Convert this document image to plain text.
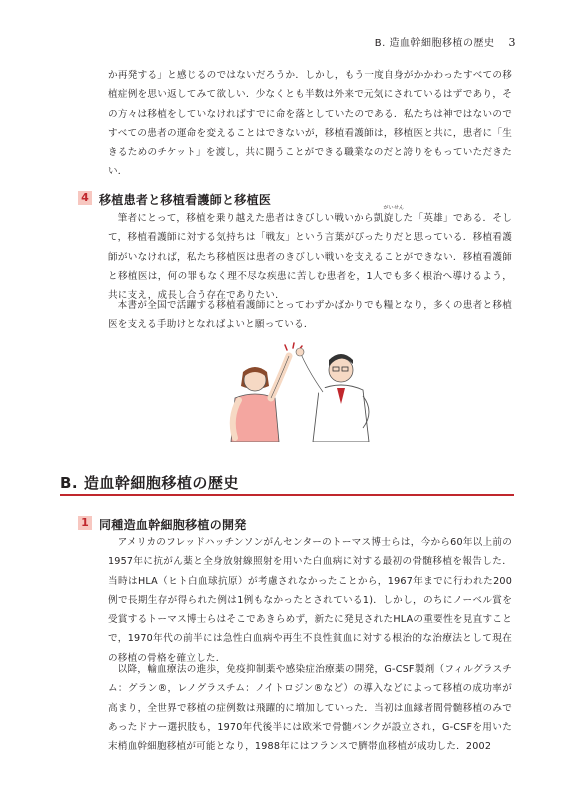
B. 造血幹細胞移植の歴史 3

か再発する」と感じるのではないだろうか．しかし，もう一度自身がかかわったすべての移植症例を思い返してみて欲しい．少なくとも半数は外来で元気にされているはずであり，その方々は移植をしていなければすでに命を落としていたのである．私たちは神ではないのですべての患者の運命を変えることはできないが，移植看護師は，移植医と共に，患者に「生きるためのチケット」を渡し，共に闘うことができる職業なのだと誇りをもっていただきたい．

4 移植患者と移植看護師と移植医

筆者にとって，移植を乗り越えた患者はきびしい戦いから
がいせん
凱旋した「英雄」である．そして，移植看護師に対する気持ちは「戦友」という言葉がぴったりだと思っている．移植看護師がいなければ，私たち移植医は患者のきびしい戦いを支えることができない．移植看護師と移植医は，何の罪もなく理不尽な疾患に苦しむ患者を，1人でも多く根治へ導けるよう，共に支え，成長し合う存在でありたい．

本書が全国で活躍する移植看護師にとってわずかばかりでも糧となり，多くの患者と移植医を支える手助けとなればよいと願っている．

B. 造血幹細胞移植の歴史
1 同種造血幹細胞移植の開発

アメリカのフレッドハッチンソンがんセンターのトーマス博士らは，今から60年以上前の1957年に抗がん薬と全身放射線照射を用いた白血病に対する最初の骨髄移植を報告した．当時はHLA（ヒト白血球抗原）が考慮されなかったことから，1967年までに行われた200例で長期生存が得られた例は1例もなかったとされている1)．しかし，のちにノーベル賞を受賞するトーマス博士らはそこであきらめず，新たに発見されたHLAの重要性を見直すことで，1970年代の前半には急性白血病や再生不良性貧血に対する根治的な治療法として現在の移植の骨格を確立した．

以降，輸血療法の進歩，免疫抑制薬や感染症治療薬の開発，G-CSF製剤（フィルグラスチム：グラン®，レノグラスチム：ノイトロジン®など）の導入などによって移植の成功率が高まり，全世界で移植の症例数は飛躍的に増加していった．当初は血縁者間骨髄移植のみであったドナー選択肢も，1970年代後半には欧米で骨髄バンクが設立され，G-CSFを用いた末梢血幹細胞移植が可能となり，1988年にはフランスで臍帯血移植が成功した．2002
